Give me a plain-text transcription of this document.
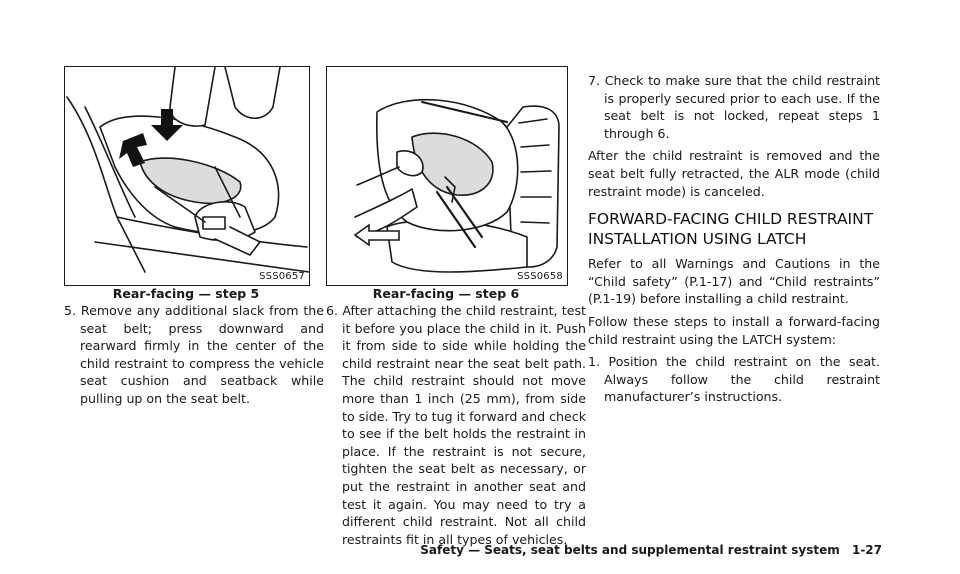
SSS0657
Rear-facing — step 5
SSS0658
Rear-facing — step 6
5. Remove any additional slack from the seat belt; press downward and rearward firmly in the center of the child restraint to compress the vehicle seat cushion and seatback while pulling up on the seat belt.
6. After attaching the child restraint, test it before you place the child in it. Push it from side to side while holding the child restraint near the seat belt path. The child restraint should not move more than 1 inch (25 mm), from side to side. Try to tug it forward and check to see if the belt holds the restraint in place. If the restraint is not secure, tighten the seat belt as necessary, or put the restraint in another seat and test it again. You may need to try a different child restraint. Not all child restraints fit in all types of vehicles.
7. Check to make sure that the child restraint is properly secured prior to each use. If the seat belt is not locked, repeat steps 1 through 6.
After the child restraint is removed and the seat belt fully retracted, the ALR mode (child restraint mode) is canceled.
FORWARD-FACING CHILD RESTRAINT INSTALLATION USING LATCH
Refer to all Warnings and Cautions in the “Child safety” (P.1-17) and “Child restraints” (P.1-19) before installing a child restraint.
Follow these steps to install a forward-facing child restraint using the LATCH system:
1. Position the child restraint on the seat. Always follow the child restraint manufacturer’s instructions.
Safety — Seats, seat belts and supplemental restraint system 1-27
